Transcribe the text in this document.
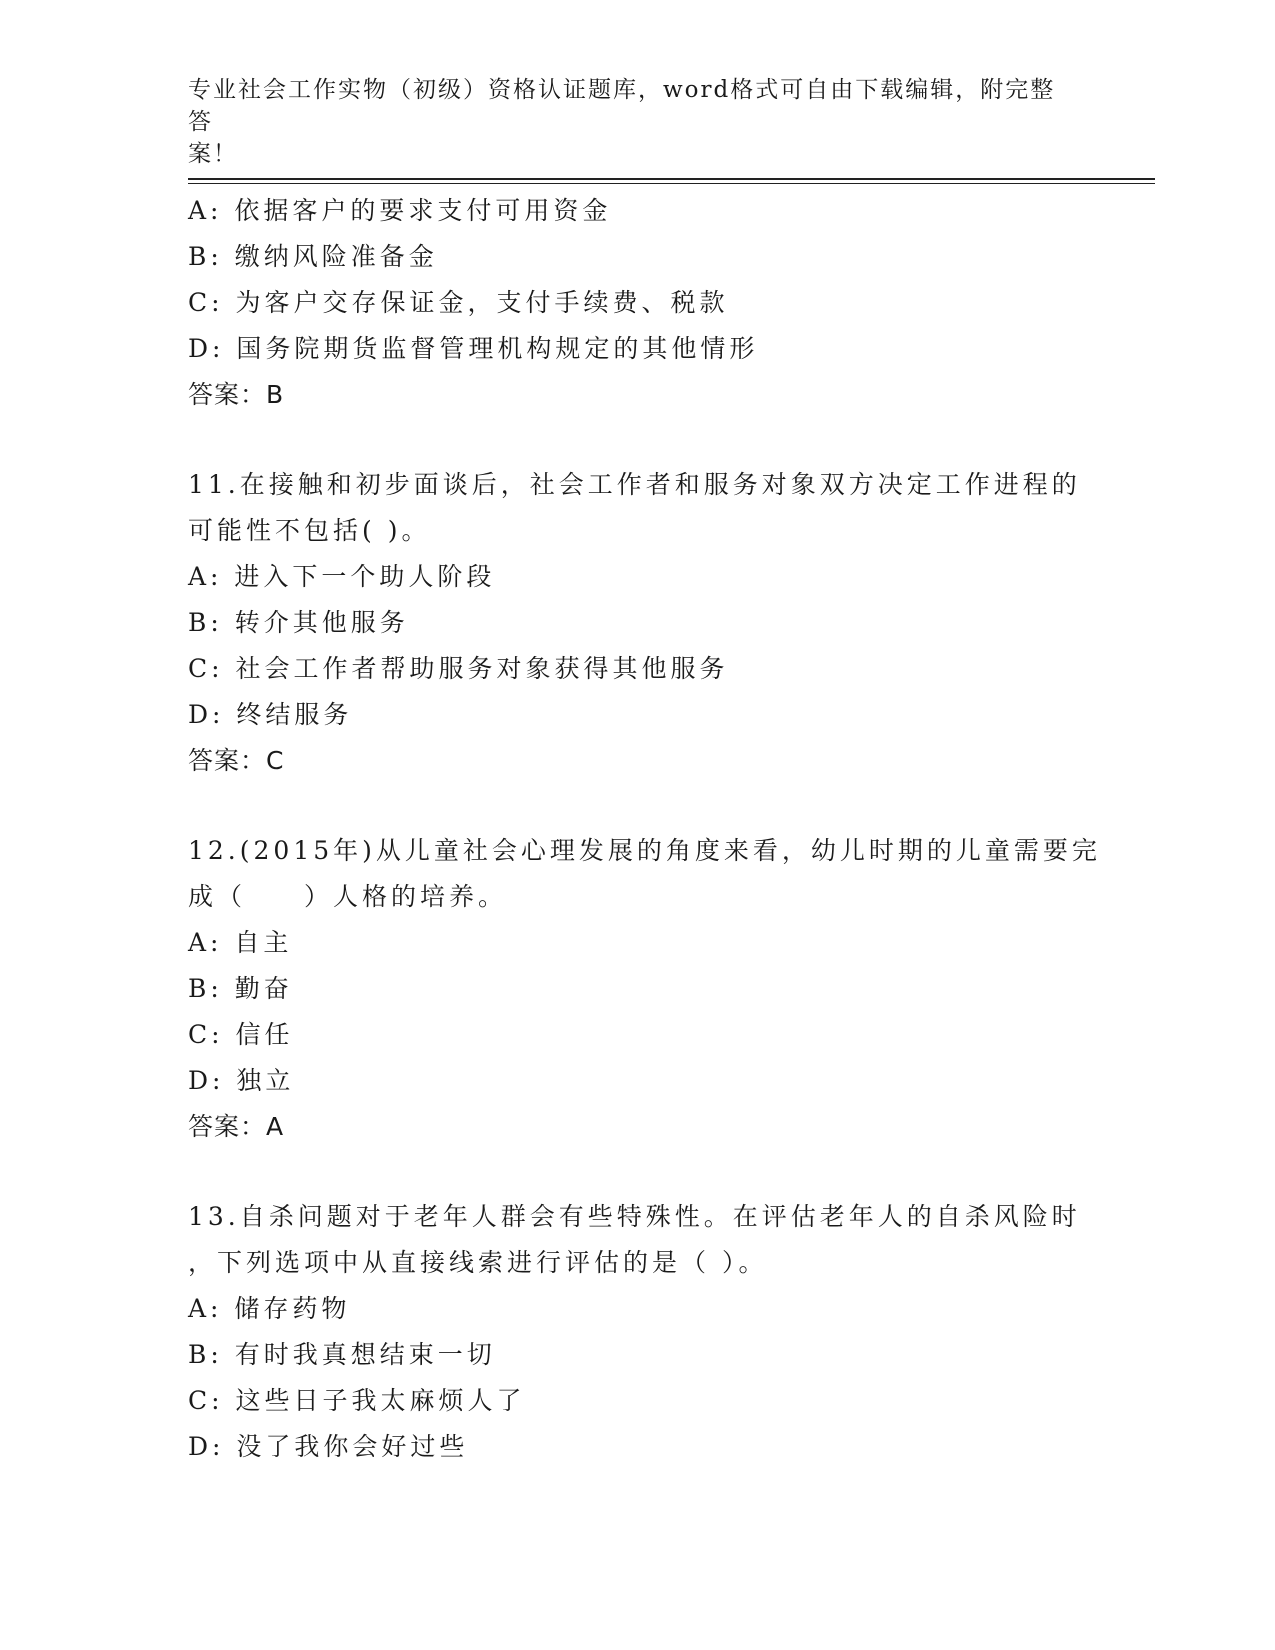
专业社会工作实物（初级）资格认证题库，word格式可自由下载编辑，附完整答
案！
A: 依据客户的要求支付可用资金
B: 缴纳风险准备金
C: 为客户交存保证金，支付手续费、税款
D: 国务院期货监督管理机构规定的其他情形
答案：B
11.在接触和初步面谈后，社会工作者和服务对象双方决定工作进程的
可能性不包括( )。
A: 进入下一个助人阶段
B: 转介其他服务
C: 社会工作者帮助服务对象获得其他服务
D: 终结服务
答案：C
12.(2015年)从儿童社会心理发展的角度来看，幼儿时期的儿童需要完
成（　　）人格的培养。
A: 自主
B: 勤奋
C: 信任
D: 独立
答案：A
13.自杀问题对于老年人群会有些特殊性。在评估老年人的自杀风险时
，下列选项中从直接线索进行评估的是（ ）。
A: 储存药物
B: 有时我真想结束一切
C: 这些日子我太麻烦人了
D: 没了我你会好过些
